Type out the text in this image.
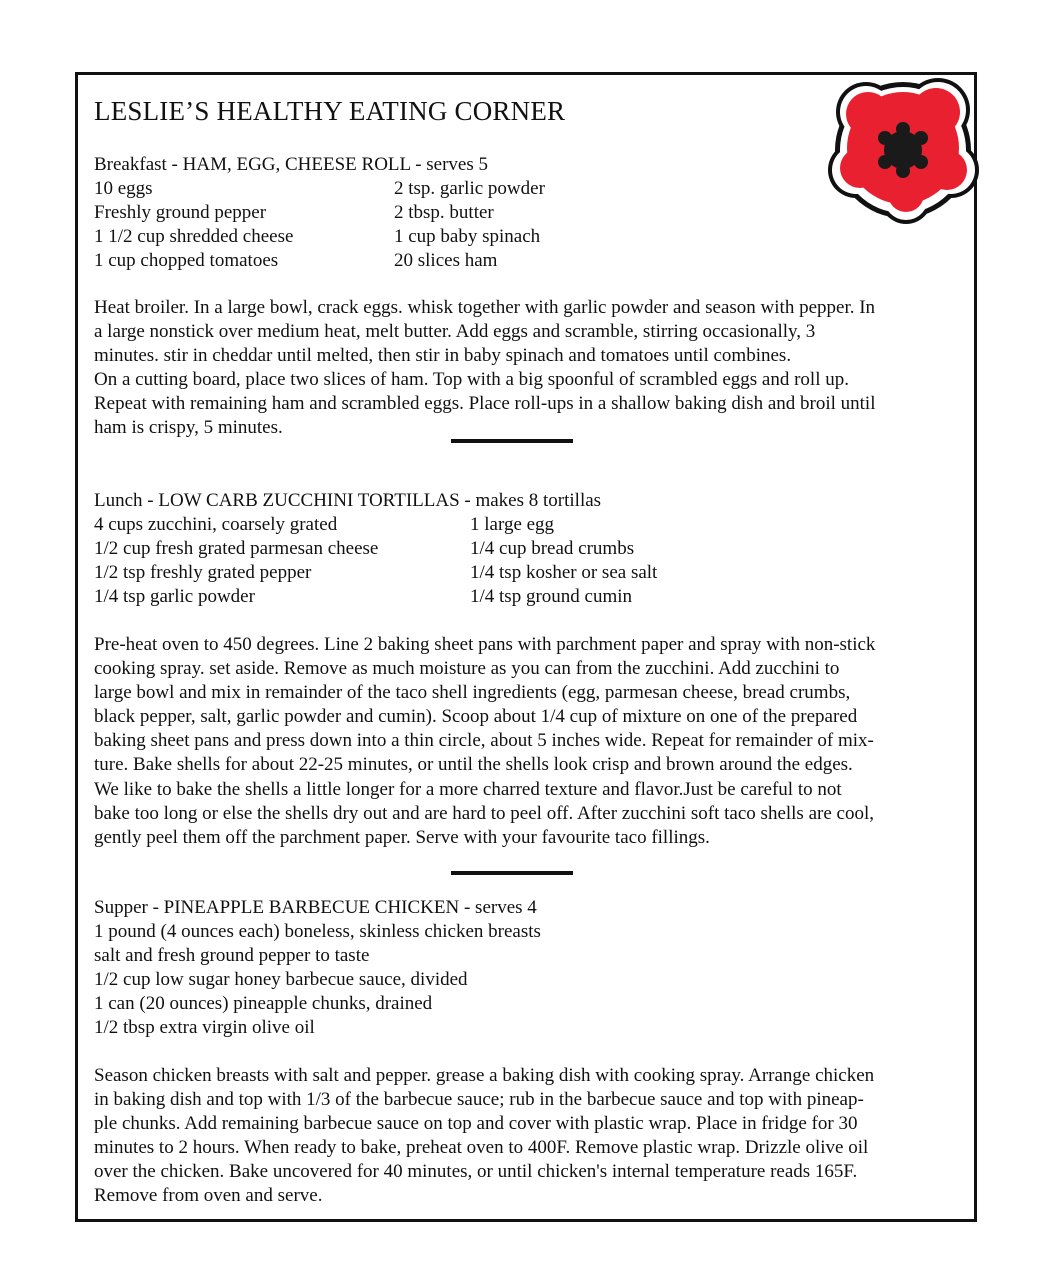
LESLIE’S HEALTHY EATING CORNER
Breakfast - HAM, EGG, CHEESE ROLL - serves 5
10 eggs
Freshly ground pepper
1 1/2 cup shredded cheese
1 cup chopped tomatoes
2 tsp. garlic powder
2 tbsp. butter
1 cup baby spinach
20 slices ham

Heat broiler. In a large bowl, crack eggs. whisk together with garlic powder and season with pepper. In
a large nonstick over medium heat, melt butter. Add eggs and scramble, stirring occasionally, 3
minutes. stir in cheddar until melted, then stir in baby spinach and tomatoes until combines.
On a cutting board, place two slices of ham. Top with a big spoonful of scrambled eggs and roll up.
Repeat with remaining ham and scrambled eggs. Place roll-ups in a shallow baking dish and broil until
ham is crispy, 5 minutes.

Lunch - LOW CARB ZUCCHINI TORTILLAS - makes 8 tortillas
4 cups zucchini, coarsely grated
1/2 cup fresh grated parmesan cheese
1/2 tsp freshly grated pepper
1/4 tsp garlic powder
1 large egg
1/4 cup bread crumbs
1/4 tsp kosher or sea salt
1/4 tsp ground cumin

Pre-heat oven to 450 degrees. Line 2 baking sheet pans with parchment paper and spray with non-stick
cooking spray. set aside. Remove as much moisture as you can from the zucchini. Add zucchini to
large bowl and mix in remainder of the taco shell ingredients (egg, parmesan cheese, bread crumbs,
black pepper, salt, garlic powder and cumin). Scoop about 1/4 cup of mixture on one of the prepared
baking sheet pans and press down into a thin circle, about 5 inches wide. Repeat for remainder of mix-
ture. Bake shells for about 22-25 minutes, or until the shells look crisp and brown around the edges.
We like to bake the shells a little longer for a more charred texture and flavor.Just be careful to not
bake too long or else the shells dry out and are hard to peel off. After zucchini soft taco shells are cool,
gently peel them off the parchment paper. Serve with your favourite taco fillings.

Supper - PINEAPPLE BARBECUE CHICKEN - serves 4
1 pound (4 ounces each) boneless, skinless chicken breasts
salt and fresh ground pepper to taste
1/2 cup low sugar honey barbecue sauce, divided
1 can (20 ounces) pineapple chunks, drained
1/2 tbsp extra virgin olive oil

Season chicken breasts with salt and pepper. grease a baking dish with cooking spray. Arrange chicken
in baking dish and top with 1/3 of the barbecue sauce; rub in the barbecue sauce and top with pineap-
ple chunks. Add remaining barbecue sauce on top and cover with plastic wrap. Place in fridge for 30
minutes to 2 hours. When ready to bake, preheat oven to 400F. Remove plastic wrap. Drizzle olive oil
over the chicken. Bake uncovered for 40 minutes, or until chicken's internal temperature reads 165F.
Remove from oven and serve.
